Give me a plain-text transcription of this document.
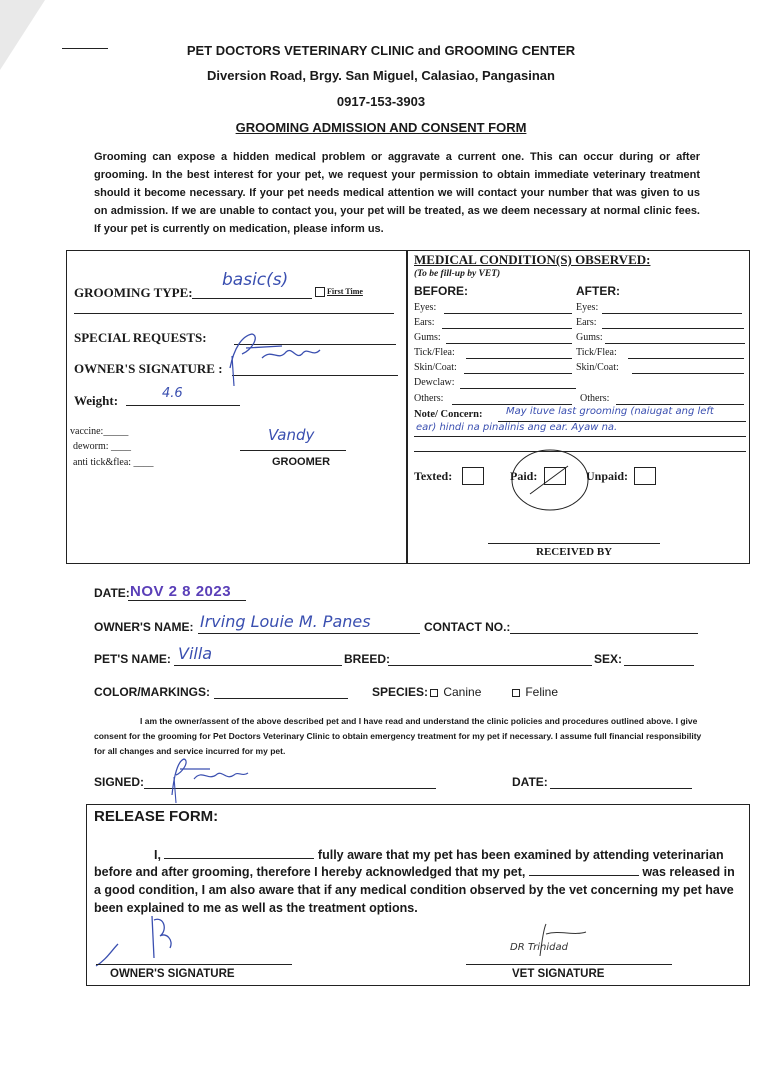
PET DOCTORS VETERINARY CLINIC and GROOMING CENTER
Diversion Road, Brgy. San Miguel, Calasiao, Pangasinan
0917-153-3903
GROOMING ADMISSION AND CONSENT FORM
Grooming can expose a hidden medical problem or aggravate a current one. This can occur during or after grooming. In the best interest for your pet, we request your permission to obtain immediate veterinary treatment should it become necessary. If your pet needs medical attention we will contact your number that was given to us on admission. If we are unable to contact you, your pet will be treated, as we deem necessary at normal clinic fees. If your pet is currently on medication, please inform us.
GROOMING TYPE:
basic(s)
First Time
SPECIAL REQUESTS:
OWNER'S SIGNATURE :
Weight:	4.6
vaccine:_____
deworm: ____
anti tick&flea: ____
Vandy
GROOMER
MEDICAL CONDITION(S) OBSERVED:
(To be fill-up by VET)
BEFORE:	AFTER:
Eyes:	Eyes:
Ears:	Ears:
Gums:	Gums:
Tick/Flea:	Tick/Flea:
Skin/Coat:	Skin/Coat:
Dewclaw:
Others:	Others:
Note/ Concern: May ituve last grooming (naiugat ang left
ear) hindi na pinalinis ang ear. Ayaw na.
Texted:	Paid:	Unpaid:
RECEIVED BY
DATE: NOV 2 8 2023
OWNER'S NAME: Irving Louie M. Panes	CONTACT NO.:
PET'S NAME: Villa	BREED:	SEX:
COLOR/MARKINGS:	SPECIES:	Canine	Feline
I am the owner/assent of the above described pet and I have read and understand the clinic policies and procedures outlined above. I give consent for the grooming for Pet Doctors Veterinary Clinic to obtain emergency treatment for my pet if necessary. I assume full financial responsibility for all changes and service incurred for my pet.
SIGNED:	DATE:
RELEASE FORM:
I,	fully aware that my pet has been examined by attending veterinarian
before and after grooming, therefore I hereby acknowledged that my pet,	was released in
a good condition, I am also aware that if any medical condition observed by the vet concerning my pet have
been explained to me as well as the treatment options.
OWNER'S SIGNATURE
DR Trinidad
VET SIGNATURE
